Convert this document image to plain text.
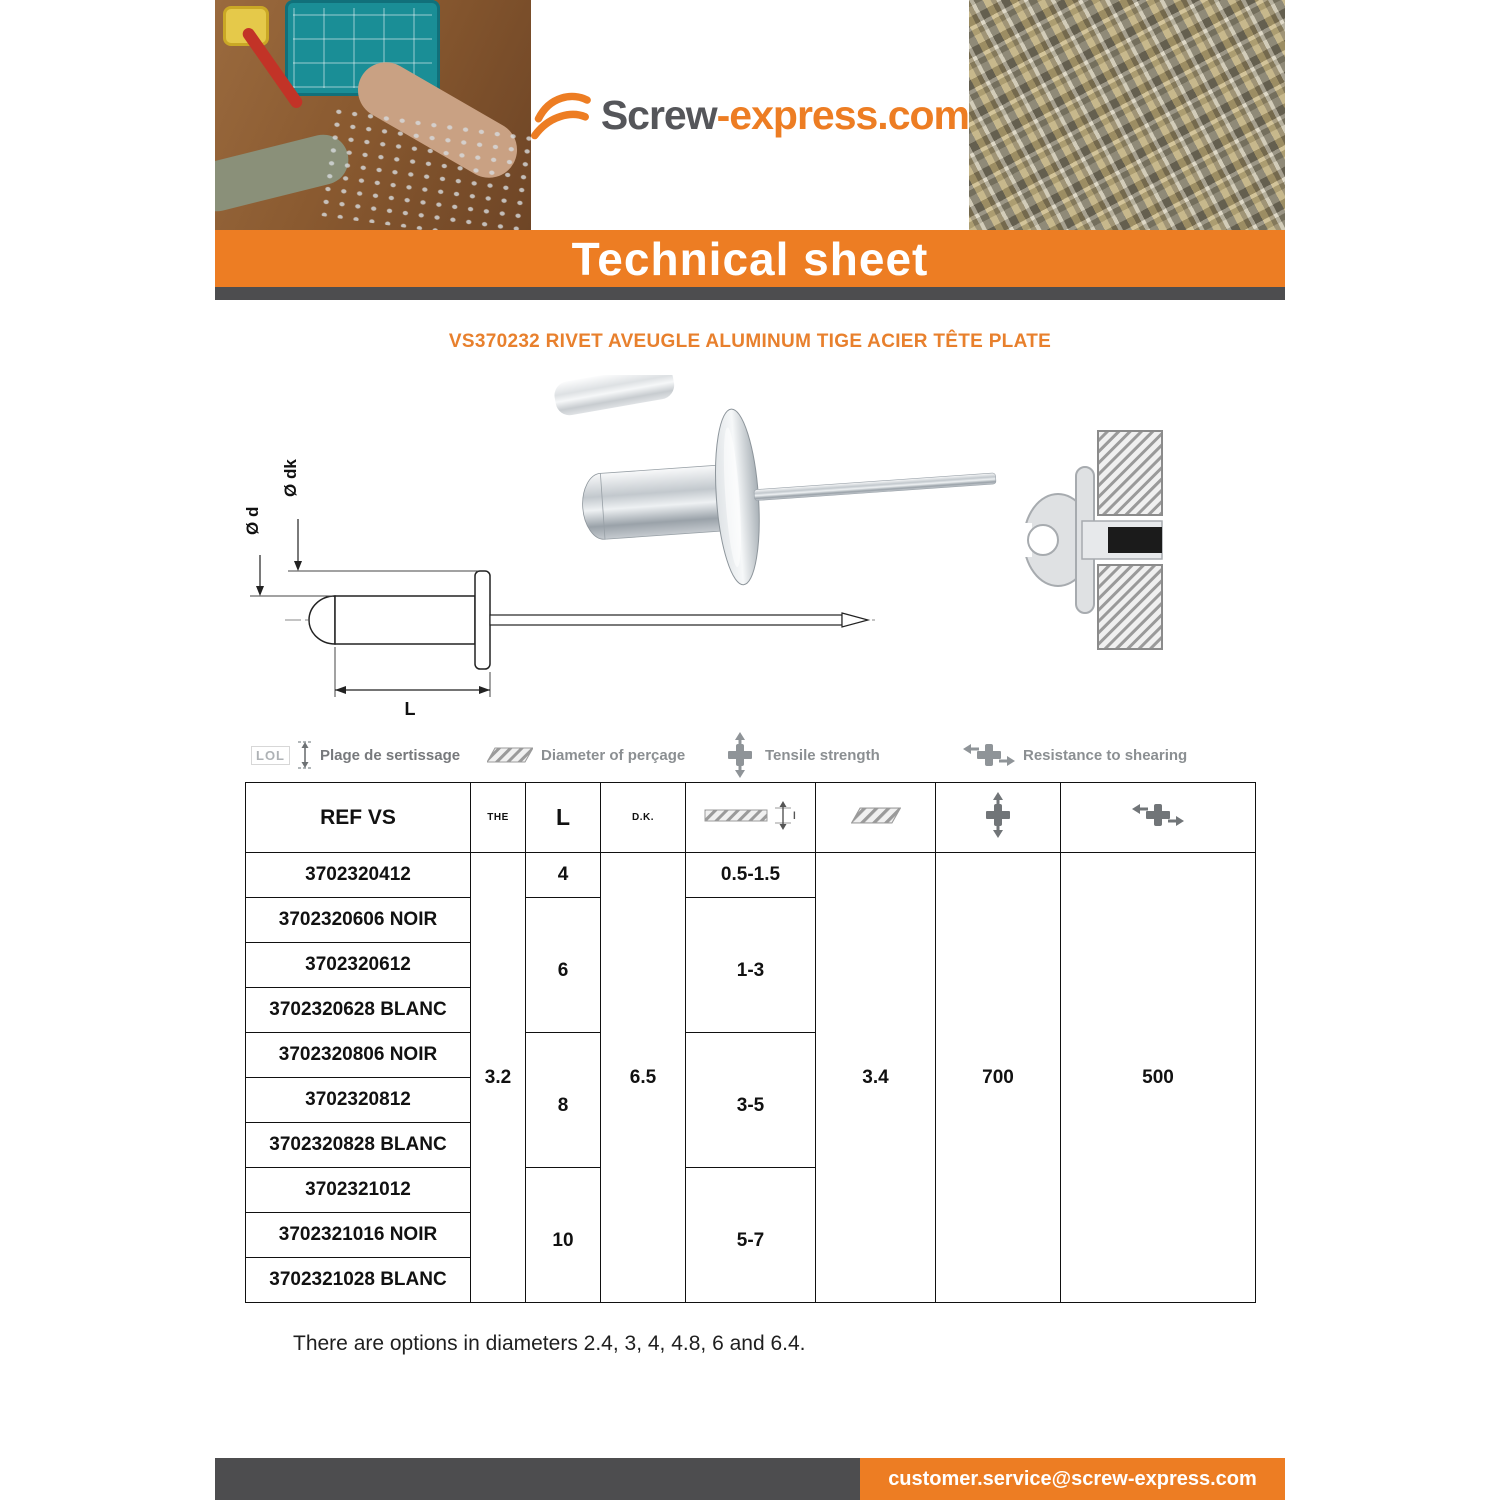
Screw-express.com
Technical sheet
VS370232 RIVET AVEUGLE ALUMINUM TIGE ACIER TÊTE PLATE
Ø dk
Ø d
L
LOL	Plage de sertissage	Diameter of perçage	Tensile strength	Resistance to shearing
REF VS	THE	L	D.K.	l

3702320412	3.2	4	6.5	0.5-1.5	3.4	700	500
3702320606 NOIR		6		1-3			
3702320612							
3702320628 BLANC							
3702320806 NOIR		8		3-5			
3702320812							
3702320828 BLANC							
3702321012		10		5-7			
3702321016 NOIR							
3702321028 BLANC							

There are options in diameters 2.4, 3, 4, 4.8, 6 and 6.4.

customer.service@screw-express.com
